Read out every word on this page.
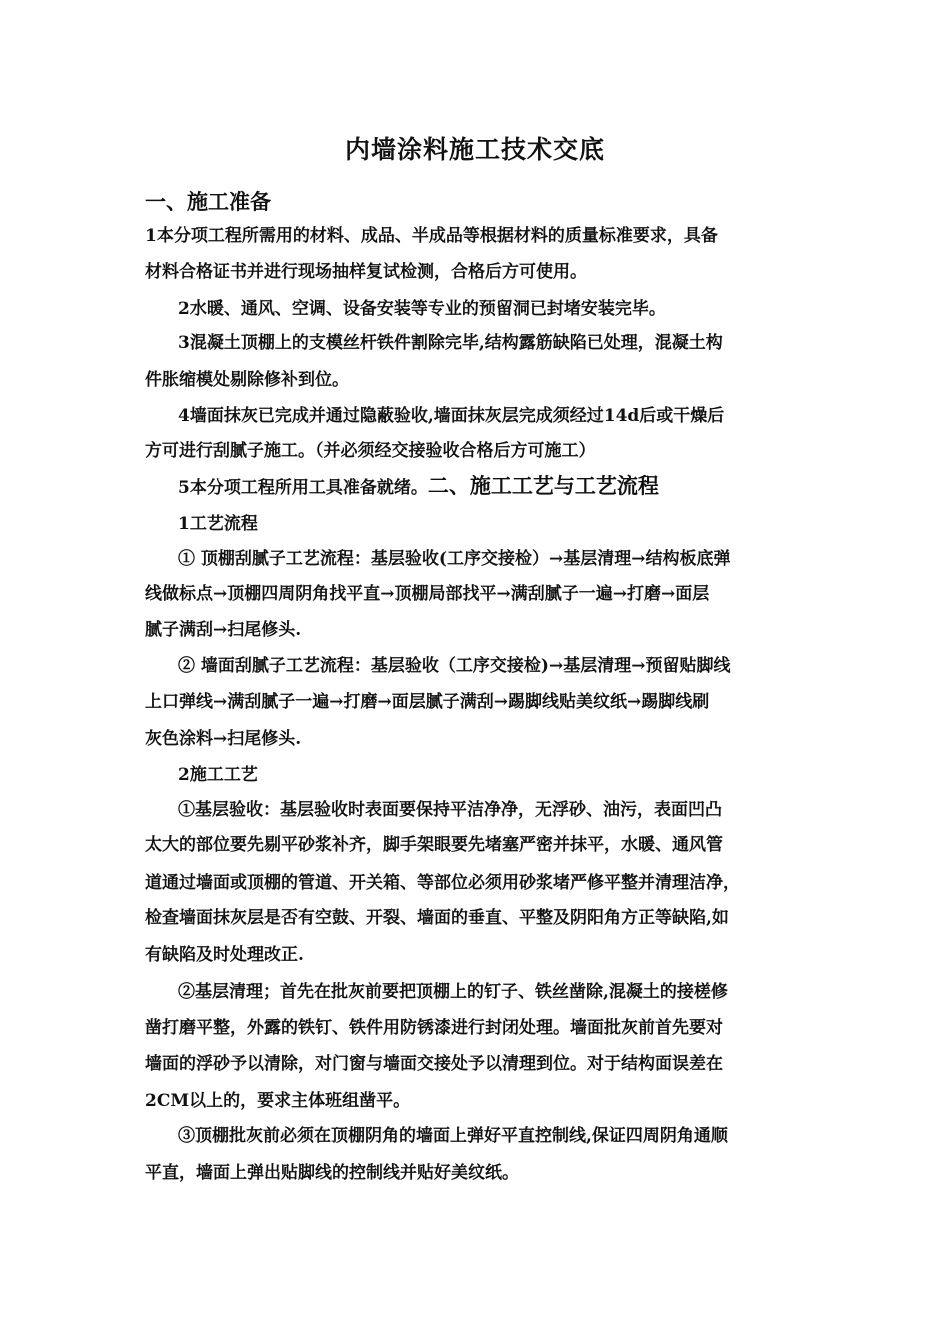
内墙涂料施工技术交底
一、施工准备
1本分项工程所需用的材料、成品、半成品等根据材料的质量标准要求，具备
材料合格证书并进行现场抽样复试检测，合格后方可使用。
2水暖、通风、空调、设备安装等专业的预留洞已封堵安装完毕。
3混凝土顶棚上的支模丝杆铁件割除完毕,结构露筋缺陷已处理，混凝土构
件胀缩模处剔除修补到位。
4墙面抹灰已完成并通过隐蔽验收,墙面抹灰层完成须经过14d后或干燥后
方可进行刮腻子施工。（并必须经交接验收合格后方可施工）
5本分项工程所用工具准备就绪。二、施工工艺与工艺流程
1工艺流程
① 顶棚刮腻子工艺流程：基层验收(工序交接检）→基层清理→结构板底弹
线做标点→顶棚四周阴角找平直→顶棚局部找平→满刮腻子一遍→打磨→面层
腻子满刮→扫尾修头.
② 墙面刮腻子工艺流程：基层验收（工序交接检)→基层清理→预留贴脚线
上口弹线→满刮腻子一遍→打磨→面层腻子满刮→踢脚线贴美纹纸→踢脚线刷
灰色涂料→扫尾修头.
2施工工艺
①基层验收：基层验收时表面要保持平洁净净，无浮砂、油污，表面凹凸
太大的部位要先剔平砂浆补齐，脚手架眼要先堵塞严密并抹平，水暖、通风管
道通过墙面或顶棚的管道、开关箱、等部位必须用砂浆堵严修平整并清理洁净，
检查墙面抹灰层是否有空鼓、开裂、墙面的垂直、平整及阴阳角方正等缺陷,如
有缺陷及时处理改正.
②基层清理；首先在批灰前要把顶棚上的钉子、铁丝凿除,混凝土的接槎修
凿打磨平整，外露的铁钉、铁件用防锈漆进行封闭处理。墙面批灰前首先要对
墙面的浮砂予以清除，对门窗与墙面交接处予以清理到位。对于结构面误差在
2CM以上的，要求主体班组凿平。
③顶棚批灰前必须在顶棚阴角的墙面上弹好平直控制线,保证四周阴角通顺
平直，墙面上弹出贴脚线的控制线并贴好美纹纸。
